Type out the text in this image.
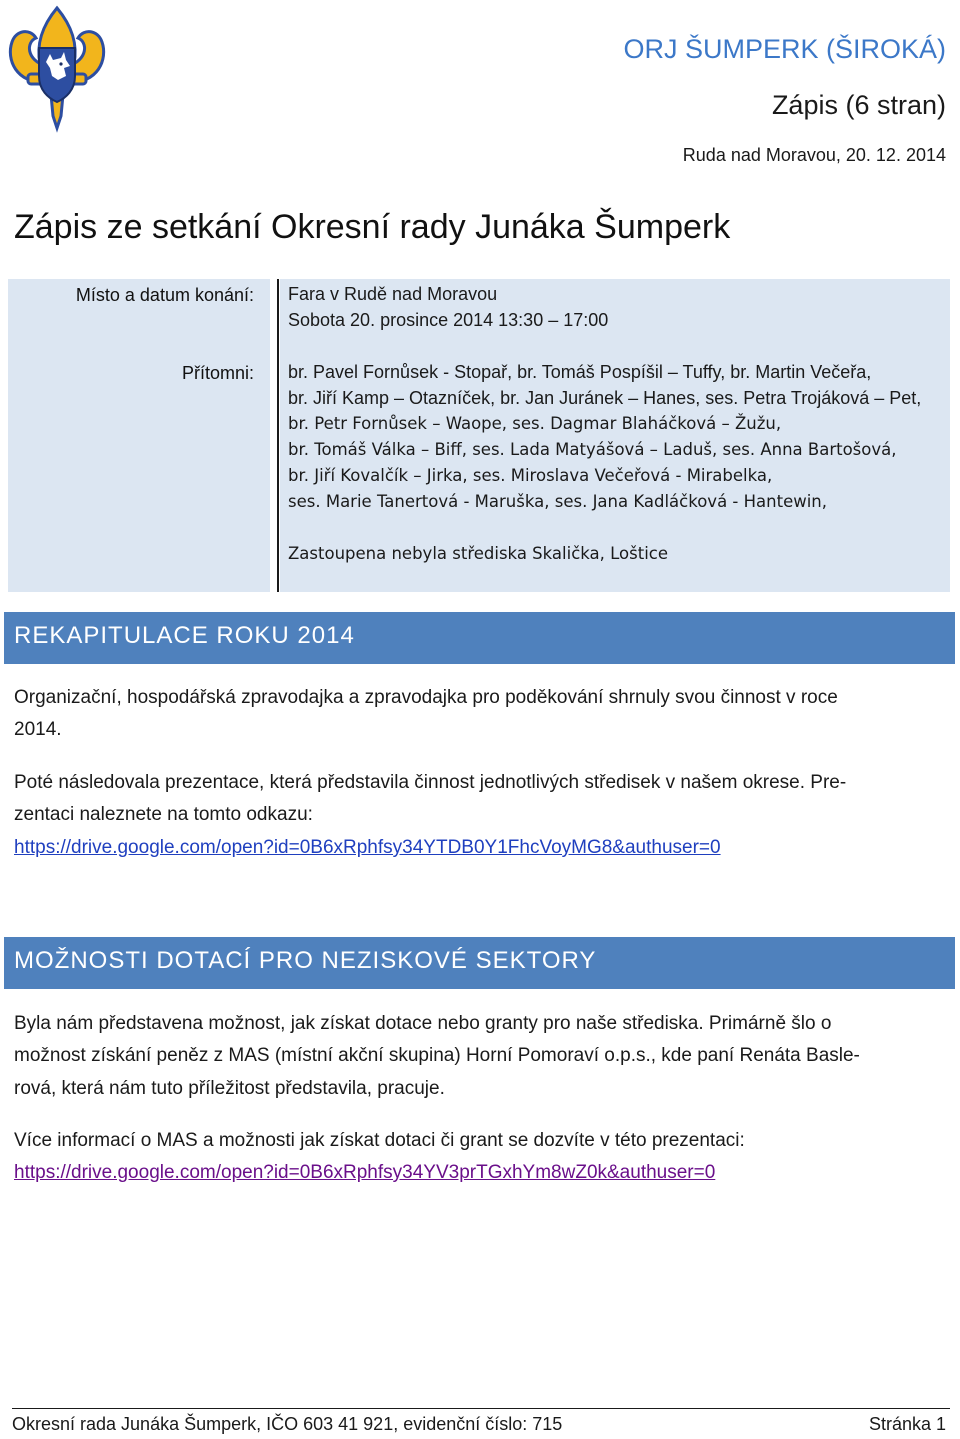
ORJ ŠUMPERK (ŠIROKÁ)
Zápis (6 stran)
Ruda nad Moravou, 20. 12. 2014
Zápis ze setkání Okresní rady Junáka Šumperk
Místo a datum konání:
Přítomni:
Fara v Rudě nad Moravou
Sobota 20. prosince 2014 13:30 – 17:00
br. Pavel Fornůsek - Stopař, br. Tomáš Pospíšil – Tuffy, br. Martin Večeřa,
br. Jiří Kamp – Otazníček, br. Jan Juránek – Hanes, ses. Petra Trojáková – Pet,
br. Petr Fornůsek – Waope, ses. Dagmar Blaháčková – Žužu,
br. Tomáš Válka – Biff, ses. Lada Matyášová – Laduš, ses. Anna Bartošová,
br. Jiří Kovalčík – Jirka, ses. Miroslava Večeřová - Mirabelka,
ses. Marie Tanertová - Maruška, ses. Jana Kadláčková - Hantewin,
Zastoupena nebyla střediska Skalička, Loštice
REKAPITULACE ROKU 2014
Organizační, hospodářská zpravodajka a zpravodajka pro poděkování shrnuly svou činnost v roce
2014.
Poté následovala prezentace, která představila činnost jednotlivých středisek v našem okrese. Pre-
zentaci naleznete na tomto odkazu:
https://drive.google.com/open?id=0B6xRphfsy34YTDB0Y1FhcVoyMG8&authuser=0
MOŽNOSTI DOTACÍ PRO NEZISKOVÉ SEKTORY
Byla nám představena možnost, jak získat dotace nebo granty pro naše střediska. Primárně šlo o
možnost získání peněz z MAS (místní akční skupina) Horní Pomoraví o.p.s., kde paní Renáta Basle-
rová, která nám tuto příležitost představila, pracuje.
Více informací o MAS a možnosti jak získat dotaci či grant se dozvíte v této prezentaci:
https://drive.google.com/open?id=0B6xRphfsy34YV3prTGxhYm8wZ0k&authuser=0
Okresní rada Junáka Šumperk, IČO 603 41 921, evidenční číslo: 715	Stránka 1
